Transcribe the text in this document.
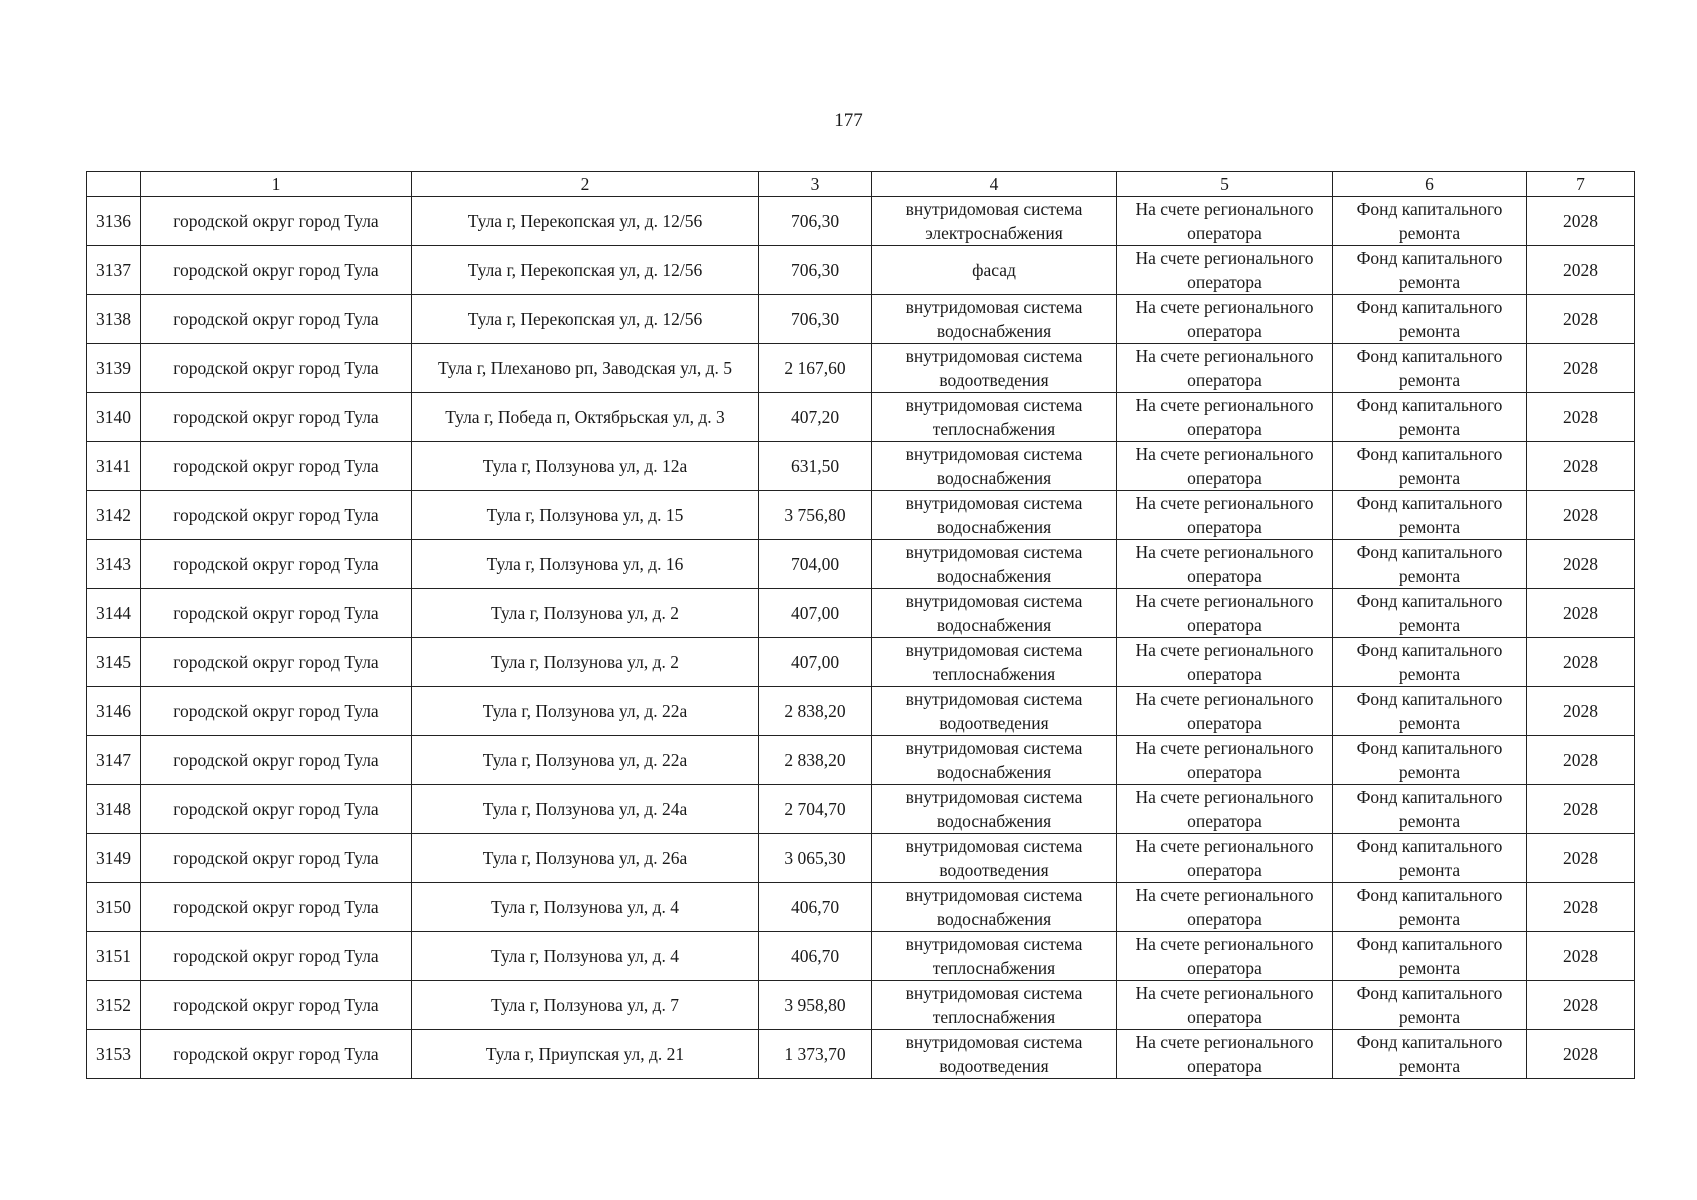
177
	1	2	3	4	5	6	7
3136	городской округ город Тула	Тула г, Перекопская ул, д. 12/56	706,30	внутридомовая система электроснабжения	На счете регионального оператора	Фонд капитального ремонта	2028
3137	городской округ город Тула	Тула г, Перекопская ул, д. 12/56	706,30	фасад	На счете регионального оператора	Фонд капитального ремонта	2028
3138	городской округ город Тула	Тула г, Перекопская ул, д. 12/56	706,30	внутридомовая система водоснабжения	На счете регионального оператора	Фонд капитального ремонта	2028
3139	городской округ город Тула	Тула г, Плеханово рп, Заводская ул, д. 5	2 167,60	внутридомовая система водоотведения	На счете регионального оператора	Фонд капитального ремонта	2028
3140	городской округ город Тула	Тула г, Победа п, Октябрьская ул, д. 3	407,20	внутридомовая система теплоснабжения	На счете регионального оператора	Фонд капитального ремонта	2028
3141	городской округ город Тула	Тула г, Ползунова ул, д. 12а	631,50	внутридомовая система водоснабжения	На счете регионального оператора	Фонд капитального ремонта	2028
3142	городской округ город Тула	Тула г, Ползунова ул, д. 15	3 756,80	внутридомовая система водоснабжения	На счете регионального оператора	Фонд капитального ремонта	2028
3143	городской округ город Тула	Тула г, Ползунова ул, д. 16	704,00	внутридомовая система водоснабжения	На счете регионального оператора	Фонд капитального ремонта	2028
3144	городской округ город Тула	Тула г, Ползунова ул, д. 2	407,00	внутридомовая система водоснабжения	На счете регионального оператора	Фонд капитального ремонта	2028
3145	городской округ город Тула	Тула г, Ползунова ул, д. 2	407,00	внутридомовая система теплоснабжения	На счете регионального оператора	Фонд капитального ремонта	2028
3146	городской округ город Тула	Тула г, Ползунова ул, д. 22а	2 838,20	внутридомовая система водоотведения	На счете регионального оператора	Фонд капитального ремонта	2028
3147	городской округ город Тула	Тула г, Ползунова ул, д. 22а	2 838,20	внутридомовая система водоснабжения	На счете регионального оператора	Фонд капитального ремонта	2028
3148	городской округ город Тула	Тула г, Ползунова ул, д. 24а	2 704,70	внутридомовая система водоснабжения	На счете регионального оператора	Фонд капитального ремонта	2028
3149	городской округ город Тула	Тула г, Ползунова ул, д. 26а	3 065,30	внутридомовая система водоотведения	На счете регионального оператора	Фонд капитального ремонта	2028
3150	городской округ город Тула	Тула г, Ползунова ул, д. 4	406,70	внутридомовая система водоснабжения	На счете регионального оператора	Фонд капитального ремонта	2028
3151	городской округ город Тула	Тула г, Ползунова ул, д. 4	406,70	внутридомовая система теплоснабжения	На счете регионального оператора	Фонд капитального ремонта	2028
3152	городской округ город Тула	Тула г, Ползунова ул, д. 7	3 958,80	внутридомовая система теплоснабжения	На счете регионального оператора	Фонд капитального ремонта	2028
3153	городской округ город Тула	Тула г, Приупская ул, д. 21	1 373,70	внутридомовая система водоотведения	На счете регионального оператора	Фонд капитального ремонта	2028
